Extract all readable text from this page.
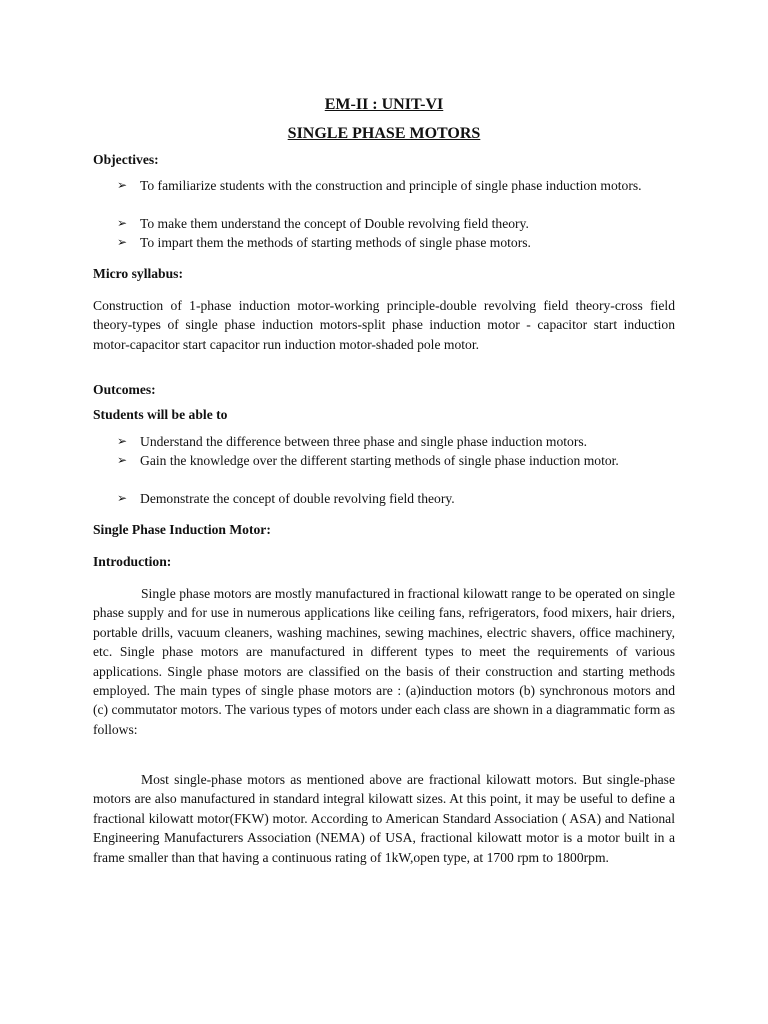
EM-II : UNIT-VI
SINGLE PHASE MOTORS
Objectives:
➢ To familiarize students with the construction and principle of single phase induction motors.
➢ To make them understand the concept of Double revolving field theory.
➢ To impart them the methods of starting methods of single phase motors.
Micro syllabus:
Construction of 1-phase induction motor-working principle-double revolving field theory-cross field theory-types of single phase induction motors-split phase induction motor - capacitor start induction motor-capacitor start capacitor run induction motor-shaded pole motor.
Outcomes:
Students will be able to
➢ Understand the difference between three phase and single phase induction motors.
➢ Gain the knowledge over the different starting methods of single phase induction motor.
➢ Demonstrate the concept of double revolving field theory.
Single Phase Induction Motor:
Introduction:
Single phase motors are mostly manufactured in fractional kilowatt range to be operated on single phase supply and for use in numerous applications like ceiling fans, refrigerators, food mixers, hair driers, portable drills, vacuum cleaners, washing machines, sewing machines, electric shavers, office machinery, etc. Single phase motors are manufactured in different types to meet the requirements of various applications. Single phase motors are classified on the basis of their construction and starting methods employed. The main types of single phase motors are : (a)induction motors (b) synchronous motors and (c) commutator motors. The various types of motors under each class are shown in a diagrammatic form as follows:
Most single-phase motors as mentioned above are fractional kilowatt motors. But single-phase motors are also manufactured in standard integral kilowatt sizes. At this point, it may be useful to define a fractional kilowatt motor(FKW) motor. According to American Standard Association ( ASA) and National Engineering Manufacturers Association (NEMA) of USA, fractional kilowatt motor is a motor built in a frame smaller than that having a continuous rating of 1kW,open type, at 1700 rpm to 1800rpm.
